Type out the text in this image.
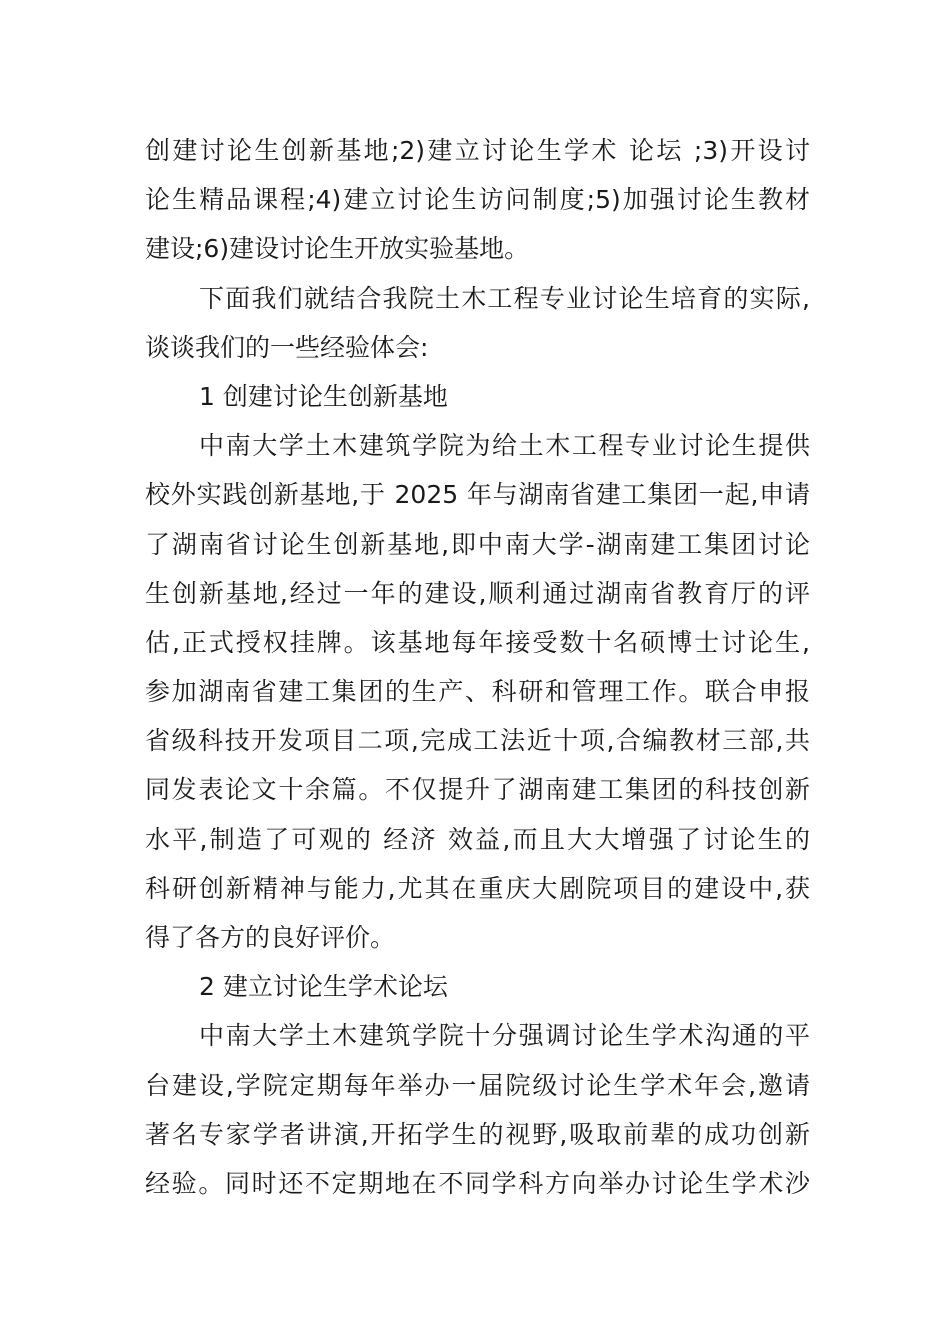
创建讨论生创新基地;2)建立讨论生学术 论坛 ;3)开设讨
论生精品课程;4)建立讨论生访问制度;5)加强讨论生教材
建设;6)建设讨论生开放实验基地。
下面我们就结合我院土木工程专业讨论生培育的实际,
谈谈我们的一些经验体会:
1 创建讨论生创新基地
中南大学土木建筑学院为给土木工程专业讨论生提供
校外实践创新基地,于 2025 年与湖南省建工集团一起,申请
了湖南省讨论生创新基地,即中南大学-湖南建工集团讨论
生创新基地,经过一年的建设,顺利通过湖南省教育厅的评
估,正式授权挂牌。该基地每年接受数十名硕博士讨论生,
参加湖南省建工集团的生产、科研和管理工作。联合申报
省级科技开发项目二项,完成工法近十项,合编教材三部,共
同发表论文十余篇。不仅提升了湖南建工集团的科技创新
水平,制造了可观的 经济 效益,而且大大增强了讨论生的
科研创新精神与能力,尤其在重庆大剧院项目的建设中,获
得了各方的良好评价。
2 建立讨论生学术论坛
中南大学土木建筑学院十分强调讨论生学术沟通的平
台建设,学院定期每年举办一届院级讨论生学术年会,邀请
著名专家学者讲演,开拓学生的视野,吸取前辈的成功创新
经验。同时还不定期地在不同学科方向举办讨论生学术沙
